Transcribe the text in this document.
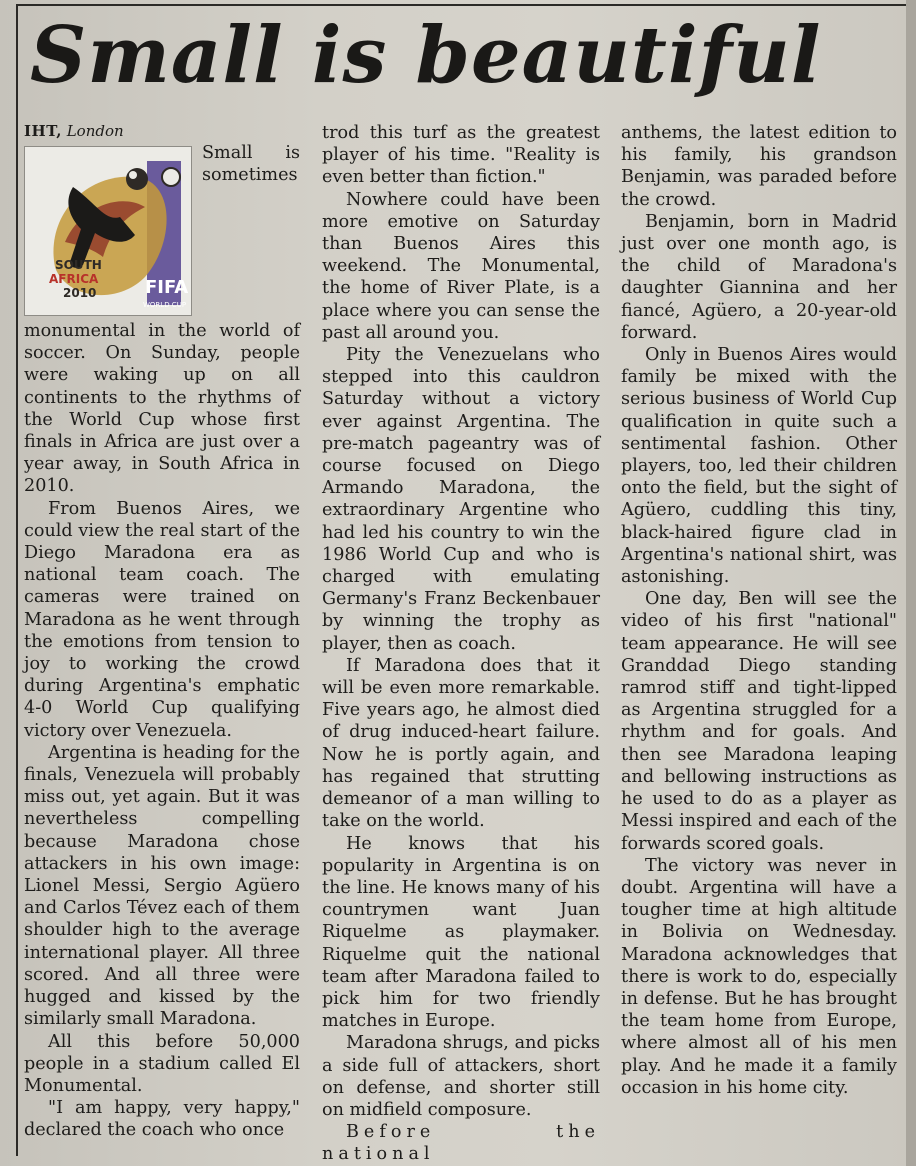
Small is beautiful

IHT, London

SOUTH
AFRICA
2010	FIFA
WORLD CUP

Small is sometimes monumental in the world of soccer. On Sunday, people were waking up on all continents to the rhythms of the World Cup whose first finals in Africa are just over a year away, in South Africa in 2010.

From Buenos Aires, we could view the real start of the Diego Maradona era as national team coach. The cameras were trained on Maradona as he went through the emotions from tension to joy to working the crowd during Argentina's emphatic 4-0 World Cup qualifying victory over Venezuela.

Argentina is heading for the finals, Venezuela will probably miss out, yet again. But it was nevertheless compelling because Maradona chose attackers in his own image: Lionel Messi, Sergio Agüero and Carlos Tévez each of them shoulder high to the average international player. All three scored. And all three were hugged and kissed by the similarly small Maradona.

All this before 50,000 people in a stadium called El Monumental.

"I am happy, very happy," declared the coach who once

trod this turf as the greatest player of his time. "Reality is even better than fiction."

Nowhere could have been more emotive on Saturday than Buenos Aires this weekend. The Monumental, the home of River Plate, is a place where you can sense the past all around you.

Pity the Venezuelans who stepped into this cauldron Saturday without a victory ever against Argentina. The pre-match pageantry was of course focused on Diego Armando Maradona, the extraordinary Argentine who had led his country to win the 1986 World Cup and who is charged with emulating Germany's Franz Beckenbauer by winning the trophy as player, then as coach.

If Maradona does that it will be even more remarkable. Five years ago, he almost died of drug induced-heart failure. Now he is portly again, and has regained that strutting demeanor of a man willing to take on the world.

He knows that his popularity in Argentina is on the line. He knows many of his countrymen want Juan Riquelme as playmaker. Riquelme quit the national team after Maradona failed to pick him for two friendly matches in Europe.

Maradona shrugs, and picks a side full of attackers, short on defense, and shorter still on midfield composure.

Before the national

anthems, the latest edition to his family, his grandson Benjamin, was paraded before the crowd.

Benjamin, born in Madrid just over one month ago, is the child of Maradona's daughter Giannina and her fiancé, Agüero, a 20-year-old forward.

Only in Buenos Aires would family be mixed with the serious business of World Cup qualification in quite such a sentimental fashion. Other players, too, led their children onto the field, but the sight of Agüero, cuddling this tiny, black-haired figure clad in Argentina's national shirt, was astonishing.

One day, Ben will see the video of his first "national" team appearance. He will see Granddad Diego standing ramrod stiff and tight-lipped as Argentina struggled for a rhythm and for goals. And then see Maradona leaping and bellowing instructions as he used to do as a player as Messi inspired and each of the forwards scored goals.

The victory was never in doubt. Argentina will have a tougher time at high altitude in Bolivia on Wednesday. Maradona acknowledges that there is work to do, especially in defense. But he has brought the team home from Europe, where almost all of his men play. And he made it a family occasion in his home city.
